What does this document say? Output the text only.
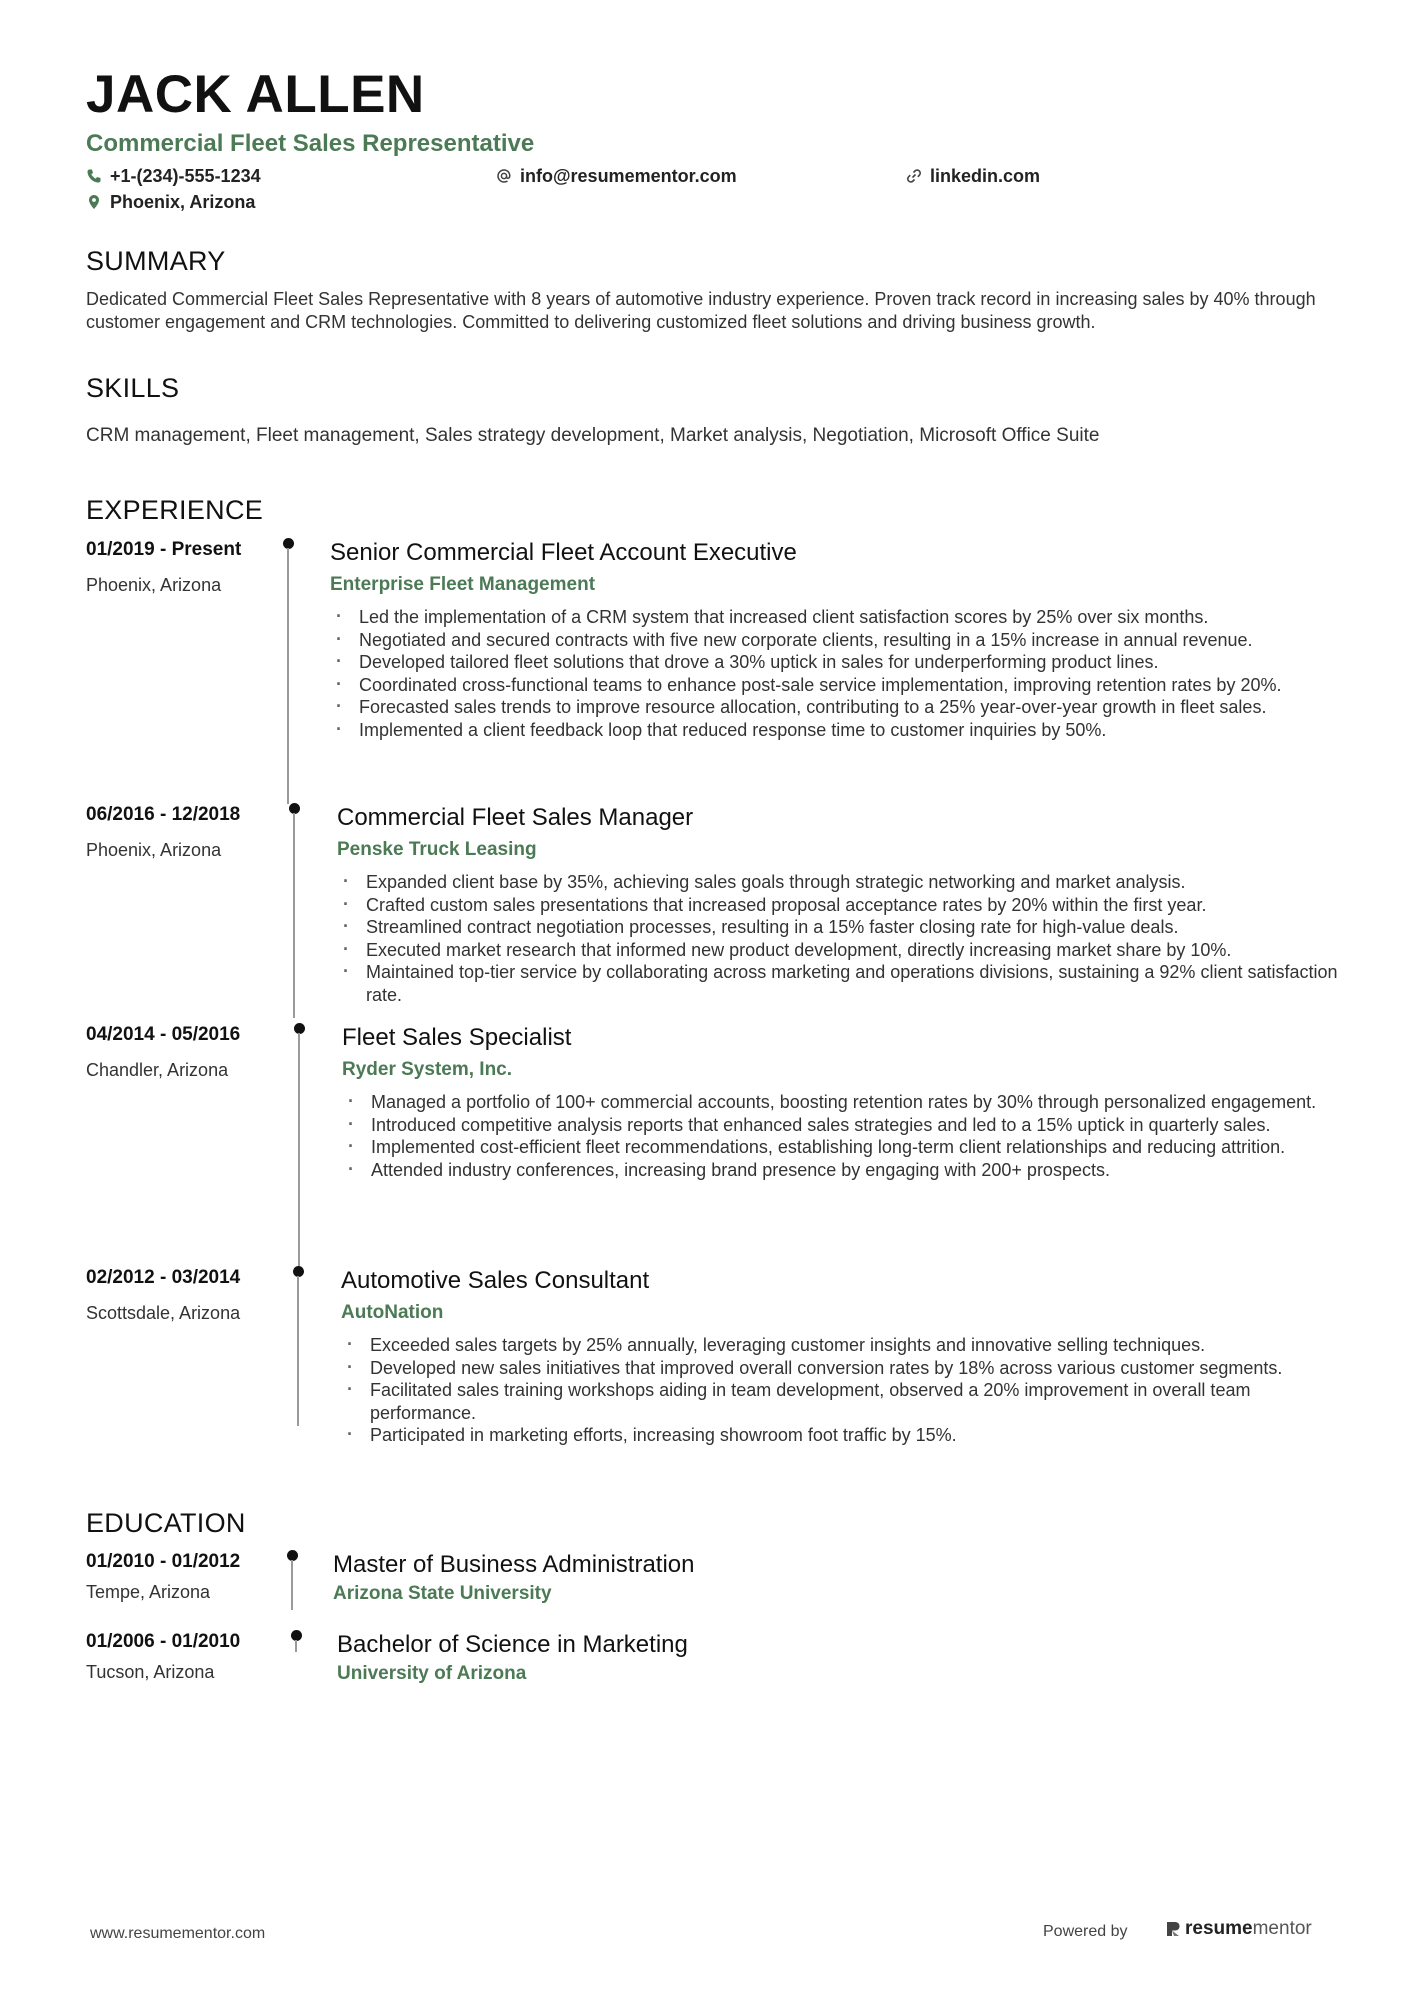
JACK ALLEN
Commercial Fleet Sales Representative
+1-(234)-555-1234	info@resumementor.com	linkedin.com
Phoenix, Arizona
SUMMARY
Dedicated Commercial Fleet Sales Representative with 8 years of automotive industry experience. Proven track record in increasing sales by 40% through customer engagement and CRM technologies. Committed to delivering customized fleet solutions and driving business growth.
SKILLS
CRM management, Fleet management, Sales strategy development, Market analysis, Negotiation, Microsoft Office Suite
EXPERIENCE
01/2019 - Present
Phoenix, Arizona
Senior Commercial Fleet Account Executive
Enterprise Fleet Management
· Led the implementation of a CRM system that increased client satisfaction scores by 25% over six months.
· Negotiated and secured contracts with five new corporate clients, resulting in a 15% increase in annual revenue.
· Developed tailored fleet solutions that drove a 30% uptick in sales for underperforming product lines.
· Coordinated cross-functional teams to enhance post-sale service implementation, improving retention rates by 20%.
· Forecasted sales trends to improve resource allocation, contributing to a 25% year-over-year growth in fleet sales.
· Implemented a client feedback loop that reduced response time to customer inquiries by 50%.
06/2016 - 12/2018
Phoenix, Arizona
Commercial Fleet Sales Manager
Penske Truck Leasing
· Expanded client base by 35%, achieving sales goals through strategic networking and market analysis.
· Crafted custom sales presentations that increased proposal acceptance rates by 20% within the first year.
· Streamlined contract negotiation processes, resulting in a 15% faster closing rate for high-value deals.
· Executed market research that informed new product development, directly increasing market share by 10%.
· Maintained top-tier service by collaborating across marketing and operations divisions, sustaining a 92% client satisfaction rate.
04/2014 - 05/2016
Chandler, Arizona
Fleet Sales Specialist
Ryder System, Inc.
· Managed a portfolio of 100+ commercial accounts, boosting retention rates by 30% through personalized engagement.
· Introduced competitive analysis reports that enhanced sales strategies and led to a 15% uptick in quarterly sales.
· Implemented cost-efficient fleet recommendations, establishing long-term client relationships and reducing attrition.
· Attended industry conferences, increasing brand presence by engaging with 200+ prospects.
02/2012 - 03/2014
Scottsdale, Arizona
Automotive Sales Consultant
AutoNation
· Exceeded sales targets by 25% annually, leveraging customer insights and innovative selling techniques.
· Developed new sales initiatives that improved overall conversion rates by 18% across various customer segments.
· Facilitated sales training workshops aiding in team development, observed a 20% improvement in overall team performance.
· Participated in marketing efforts, increasing showroom foot traffic by 15%.
EDUCATION
01/2010 - 01/2012
Tempe, Arizona
Master of Business Administration
Arizona State University
01/2006 - 01/2010
Tucson, Arizona
Bachelor of Science in Marketing
University of Arizona
www.resumementor.com	Powered by	resume mentor
